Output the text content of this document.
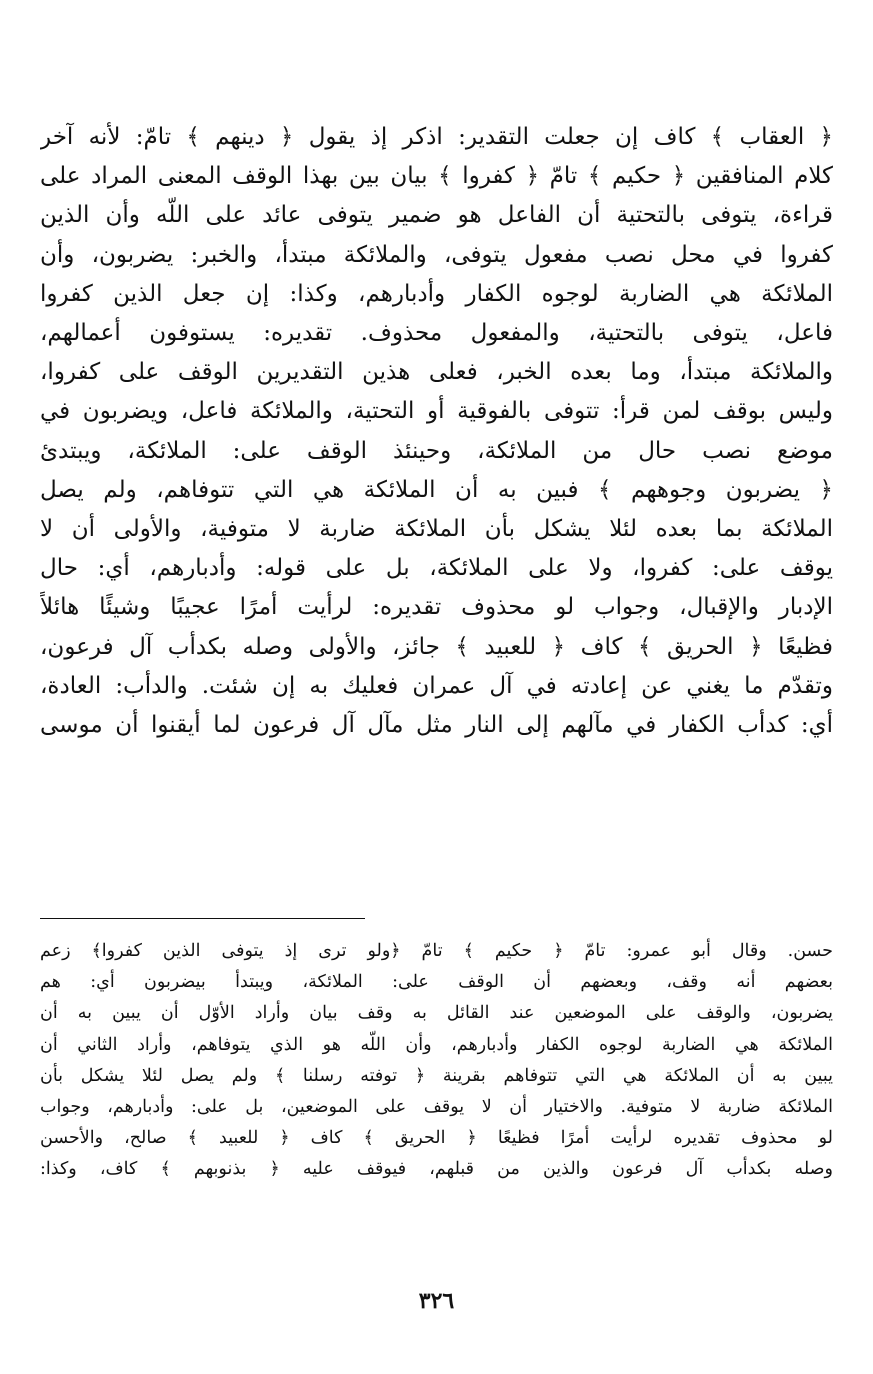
﴿ العقاب ﴾ كاف إن جعلت التقدير: اذكر إذ يقول ﴿ دينهم ﴾ تامّ: لأنه آخر
كلام المنافقين ﴿ حكيم ﴾ تامّ ﴿ كفروا ﴾ بيان بين بهذا الوقف المعنى المراد على
قراءة، يتوفى بالتحتية أن الفاعل هو ضمير يتوفى عائد على اللّه وأن الذين
كفروا في محل نصب مفعول يتوفى، والملائكة مبتدأ، والخبر: يضربون، وأن
الملائكة هي الضاربة لوجوه الكفار وأدبارهم، وكذا: إن جعل الذين كفروا
فاعل، يتوفى بالتحتية، والمفعول محذوف. تقديره: يستوفون أعمالهم،
والملائكة مبتدأ، وما بعده الخبر، فعلى هذين التقديرين الوقف على كفروا،
وليس بوقف لمن قرأ: تتوفى بالفوقية أو التحتية، والملائكة فاعل، ويضربون في
موضع نصب حال من الملائكة، وحينئذ الوقف على: الملائكة، ويبتدئ
﴿ يضربون وجوههم ﴾ فبين به أن الملائكة هي التي تتوفاهم، ولم يصل
الملائكة بما بعده لئلا يشكل بأن الملائكة ضاربة لا متوفية، والأولى أن لا
يوقف على: كفروا، ولا على الملائكة، بل على قوله: وأدبارهم، أي: حال
الإدبار والإقبال، وجواب لو محذوف تقديره: لرأيت أمرًا عجيبًا وشيئًا هائلاً
فظيعًا ﴿ الحريق ﴾ كاف ﴿ للعبيد ﴾ جائز، والأولى وصله بكدأب آل فرعون،
وتقدّم ما يغني عن إعادته في آل عمران فعليك به إن شئت. والدأب: العادة،
أي: كدأب الكفار في مآلهم إلى النار مثل مآل آل فرعون لما أيقنوا أن موسى
حسن. وقال أبو عمرو: تامّ ﴿ حكيم ﴾ تامّ ﴿ولو ترى إذ يتوفى الذين كفروا﴾ زعم
بعضهم أنه وقف، وبعضهم أن الوقف على: الملائكة، ويبتدأ بيضربون أي: هم
يضربون، والوقف على الموضعين عند القائل به وقف بيان وأراد الأوّل أن يبين به أن
الملائكة هي الضاربة لوجوه الكفار وأدبارهم، وأن اللّه هو الذي يتوفاهم، وأراد الثاني أن
يبين به أن الملائكة هي التي تتوفاهم بقرينة ﴿ توفته رسلنا ﴾ ولم يصل لئلا يشكل بأن
الملائكة ضاربة لا متوفية. والاختيار أن لا يوقف على الموضعين، بل على: وأدبارهم، وجواب
لو محذوف تقديره لرأيت أمرًا فظيعًا ﴿ الحريق ﴾ كاف ﴿ للعبيد ﴾ صالح، والأحسن
وصله بكدأب آل فرعون والذين من قبلهم، فيوقف عليه ﴿ بذنوبهم ﴾ كاف، وكذا:
٣٢٦
